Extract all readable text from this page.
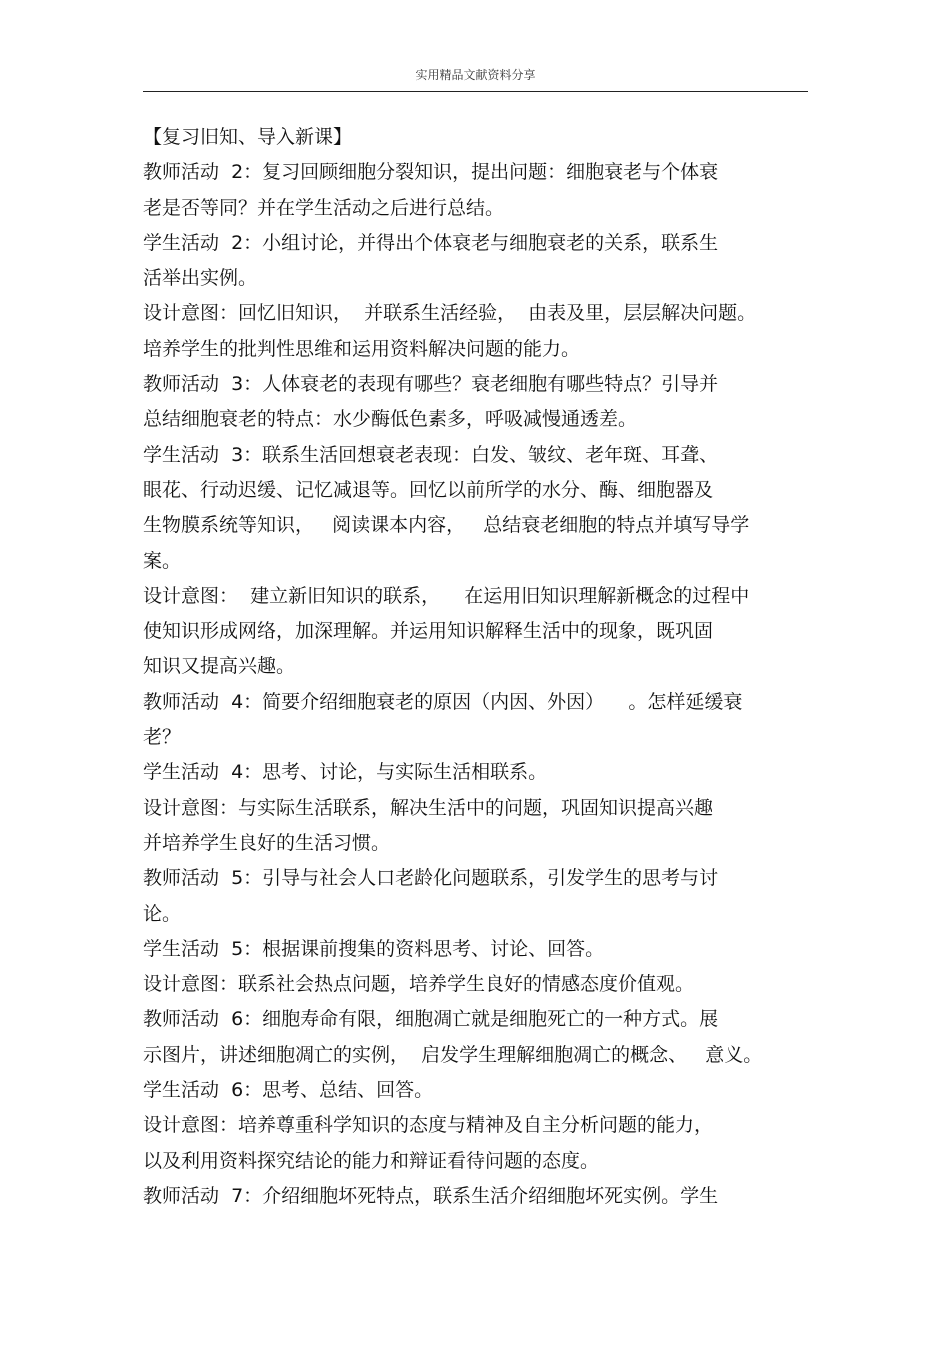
实用精品文献资料分享
【复习旧知、导入新课】
教师活动  2：复习回顾细胞分裂知识，提出问题：细胞衰老与个体衰
老是否等同？并在学生活动之后进行总结。
学生活动  2：小组讨论，并得出个体衰老与细胞衰老的关系，联系生
活举出实例。
设计意图：回忆旧知识，  并联系生活经验，  由表及里，层层解决问题。
培养学生的批判性思维和运用资料解决问题的能力。
教师活动  3：人体衰老的表现有哪些？衰老细胞有哪些特点？引导并
总结细胞衰老的特点：水少酶低色素多，呼吸减慢通透差。
学生活动  3：联系生活回想衰老表现：白发、皱纹、老年斑、耳聋、
眼花、行动迟缓、记忆减退等。回忆以前所学的水分、酶、细胞器及
生物膜系统等知识，   阅读课本内容，   总结衰老细胞的特点并填写导学
案。
设计意图：  建立新旧知识的联系，    在运用旧知识理解新概念的过程中
使知识形成网络，加深理解。并运用知识解释生活中的现象，既巩固
知识又提高兴趣。
教师活动  4：简要介绍细胞衰老的原因（内因、外因）    。怎样延缓衰
老？
学生活动  4：思考、讨论，与实际生活相联系。
设计意图：与实际生活联系，解决生活中的问题，巩固知识提高兴趣
并培养学生良好的生活习惯。
教师活动  5：引导与社会人口老龄化问题联系，引发学生的思考与讨
论。
学生活动  5：根据课前搜集的资料思考、讨论、回答。
设计意图：联系社会热点问题，培养学生良好的情感态度价值观。
教师活动  6：细胞寿命有限，细胞凋亡就是细胞死亡的一种方式。展
示图片，讲述细胞凋亡的实例，  启发学生理解细胞凋亡的概念、   意义。
学生活动  6：思考、总结、回答。
设计意图：培养尊重科学知识的态度与精神及自主分析问题的能力，
以及利用资料探究结论的能力和辩证看待问题的态度。
教师活动  7：介绍细胞坏死特点，联系生活介绍细胞坏死实例。学生
